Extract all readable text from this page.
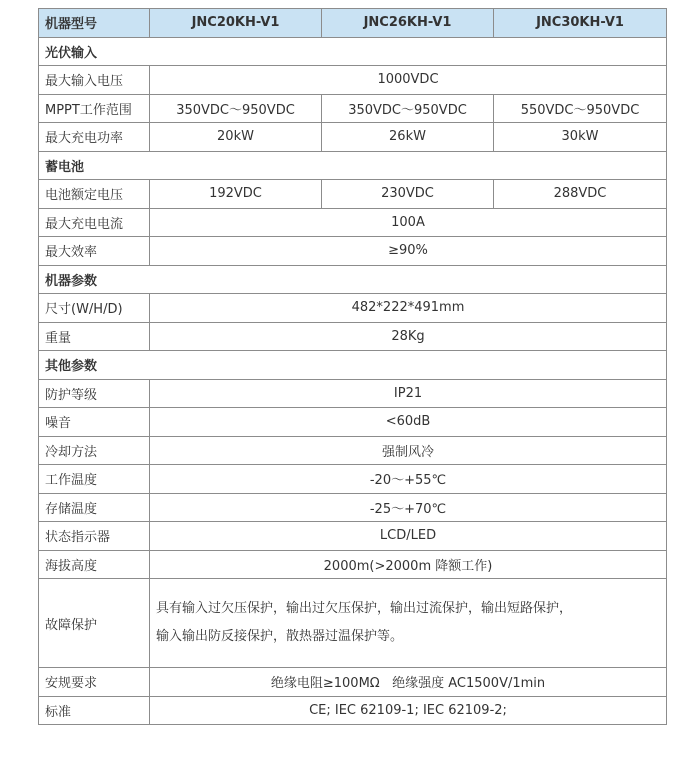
机器型号	JNC20KH-V1	JNC26KH-V1	JNC30KH-V1
光伏输入			
最大输入电压	1000VDC		
MPPT工作范围	350VDC～950VDC	350VDC～950VDC	550VDC～950VDC
最大充电功率	20kW	26kW	30kW
蓄电池			
电池额定电压	192VDC	230VDC	288VDC
最大充电电流	100A		
最大效率	≥90%		
机器参数			
尺寸(W/H/D)	482*222*491mm		
重量	28Kg		
其他参数			
防护等级	IP21		
噪音	<60dB		
冷却方法	强制风冷		
工作温度	-20～+55℃		
存储温度	-25～+70℃		
状态指示器	LCD/LED		
海拔高度	2000m(>2000m 降额工作)		
故障保护	具有输入过欠压保护，输出过欠压保护，输出过流保护，输出短路保护，
输入输出防反接保护，散热器过温保护等。		

安规要求	绝缘电阻≥100MΩ   绝缘强度 AC1500V/1min		
标准	CE; IEC 62109-1; IEC 62109-2;		
